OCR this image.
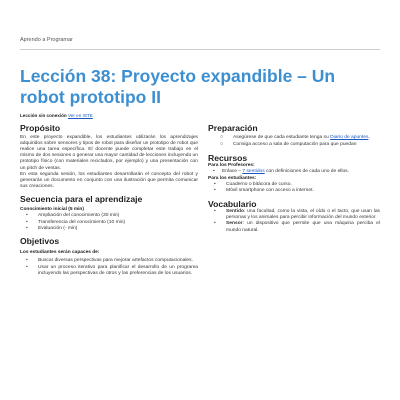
Aprendo a Programar
Lección 38: Proyecto expandible – Un robot prototipo II
Lección sin conexión Ver en ISTE
Propósito

En este proyecto expandible, los estudiantes utilizarán los aprendizajes adquiridos sobre sensores y tipos de robot para diseñar un prototipo de robot que realice una tarea específica. El docente puede completar este trabajo en el mismo de dos sesiones o generar una mayor cantidad de lecciones incluyendo un prototipo físico (con materiales reciclados, por ejemplo) y una presentación con un pitch de ventas.

En esta segunda sesión, los estudiantes desarrollarán el concepto del robot y generarán un documento en conjunto con una ilustración que permita comunicar sus creaciones.

Secuencia para el aprendizaje
Conocimiento inicial (5 min)
• Ampliación del conocimiento (30 min)
• Transferencia del conocimiento (10 min)
• Evaluación (- min)
Objetivos
Los estudiantes serán capaces de:
• Buscar diversas perspectivas para mejorar artefactos computacionales.
• Usar un proceso iterativo para planificar el desarrollo de un programa incluyendo las perspectivas de otros y las preferencias de los usuarios.
Preparación
○ Asegúrese de que cada estudiante tenga su Diario de apuntes.
○ Consiga acceso a sala de computación para que puedan
Recursos
Para los Profesores:
• Enlace – 7 sentidos con definiciones de cada uno de ellos.
Para los estudiantes:
• Cuaderno o bitácora de curso.
• Móvil smartphone con acceso a internet.
Vocabulario
• Sentido: una facultad, como la vista, el oído o el tacto, que usan las personas y los animales para percibir información del mundo exterior.
• Sensor: un dispositivo que permite que una máquina perciba el mundo natural.
